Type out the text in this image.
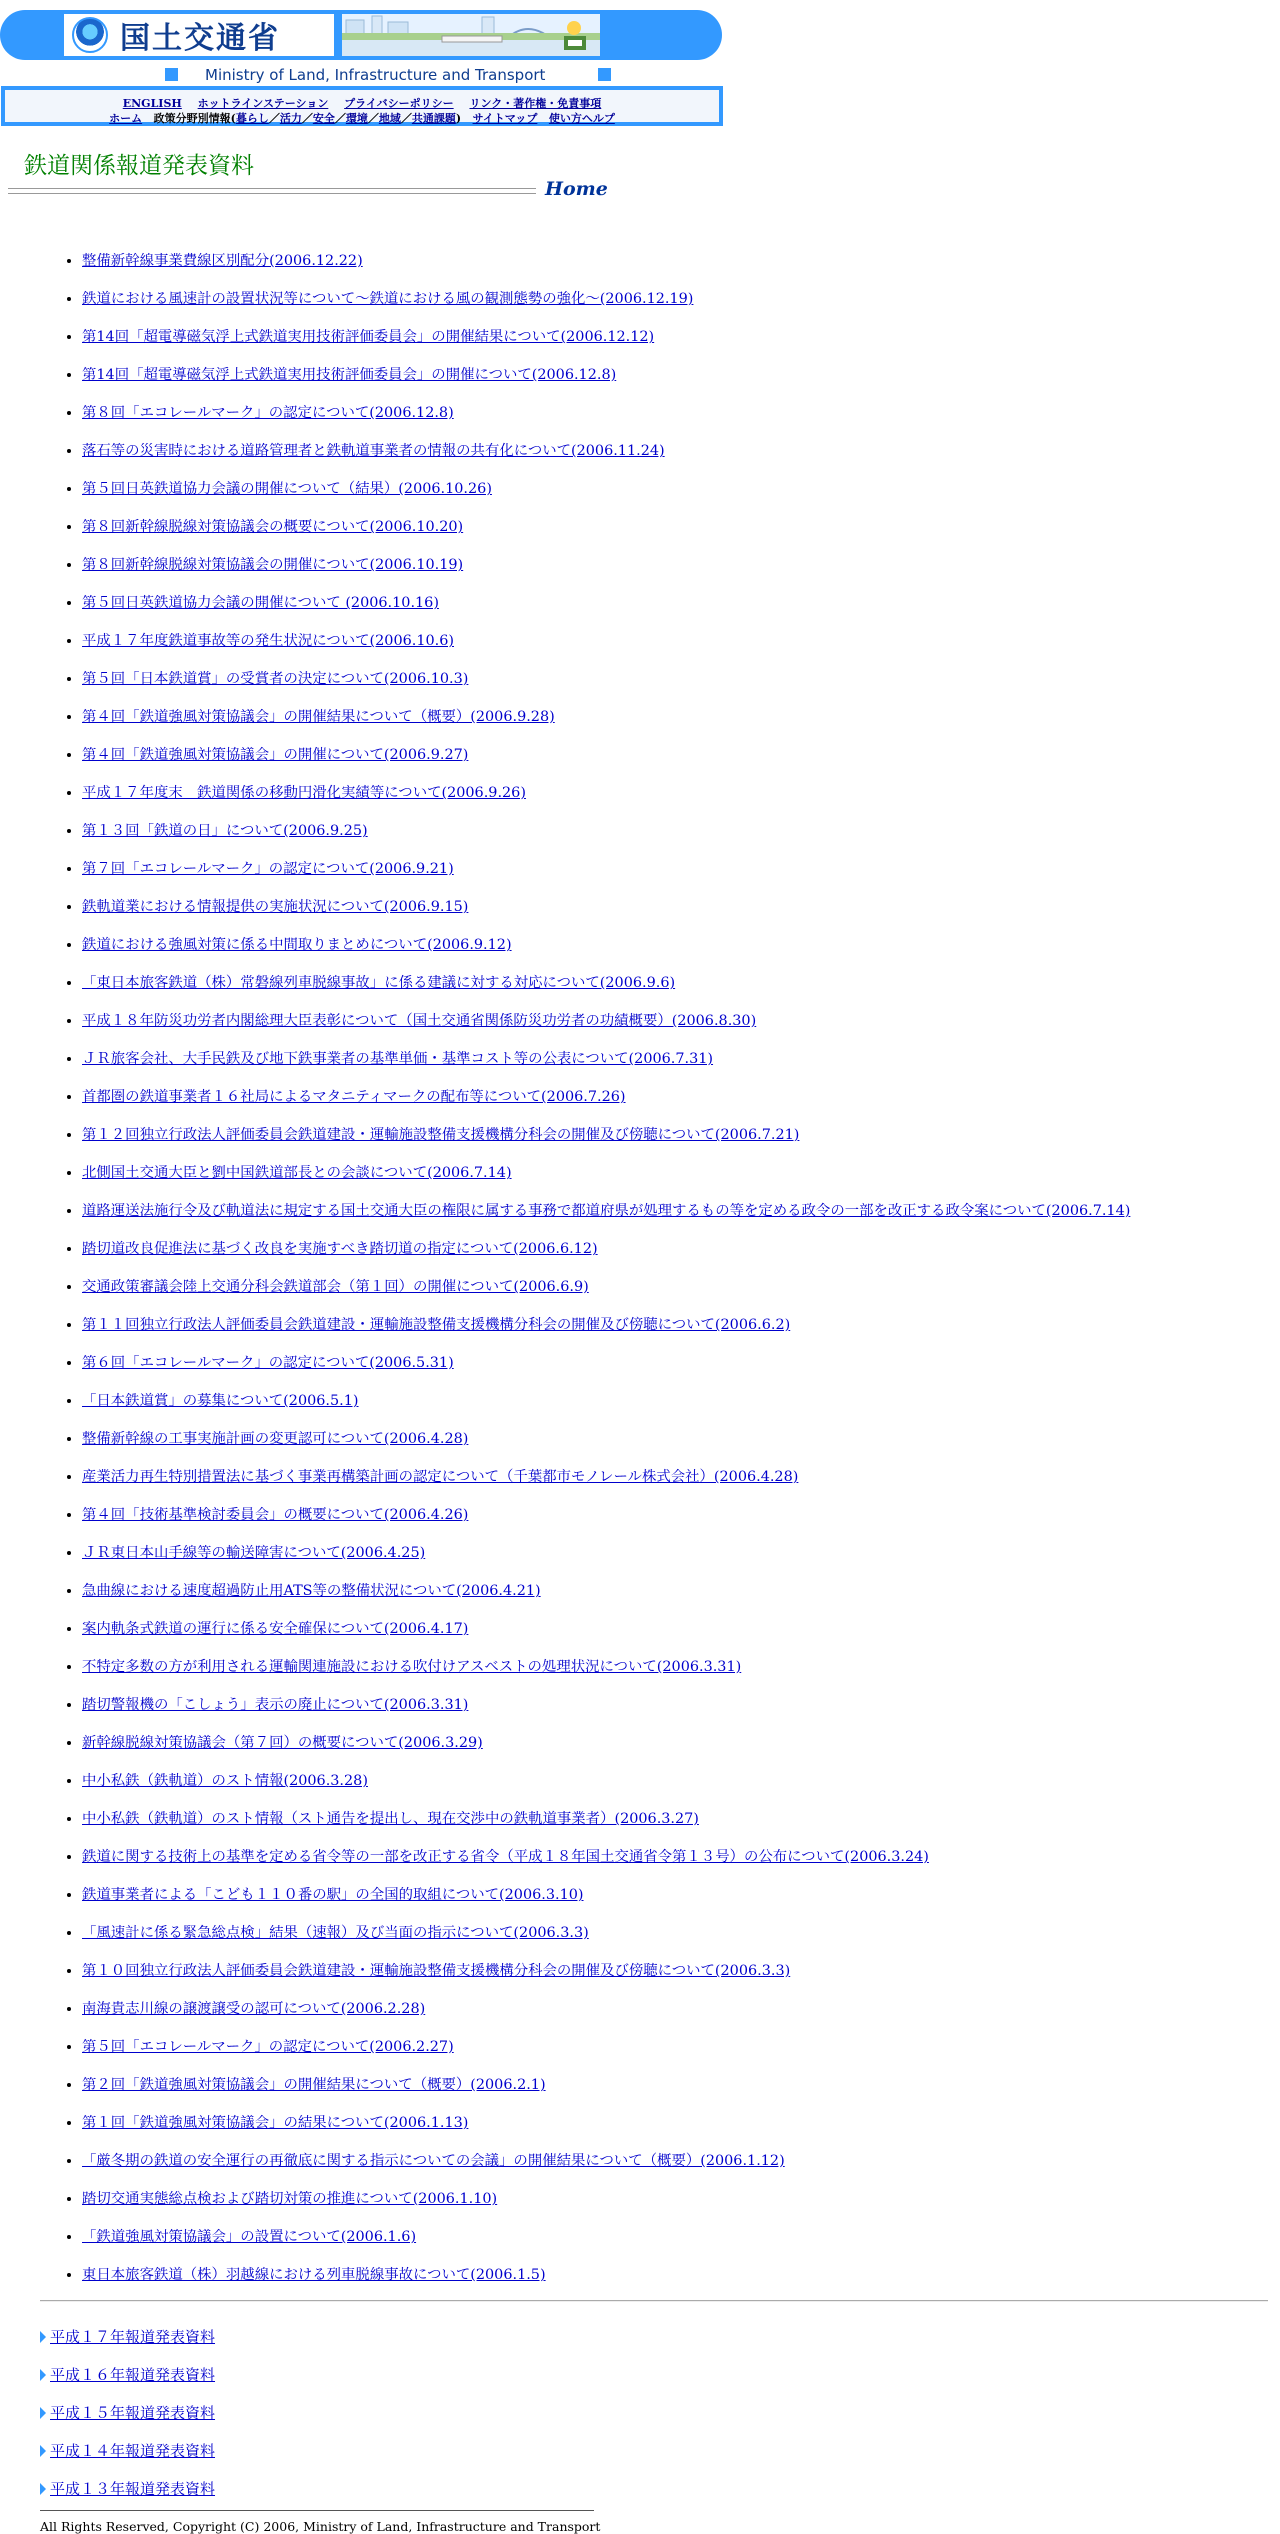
国土交通省
Ministry of Land, Infrastructure and Transport
ENGLISH ホットラインステーション プライバシーポリシー リンク・著作権・免責事項
ホーム 政策分野別情報(暮らし／活力／安全／環境／地域／共通課題) サイトマップ 使い方ヘルプ
鉄道関係報道発表資料
Home
• 整備新幹線事業費線区別配分(2006.12.22)
• 鉄道における風速計の設置状況等について～鉄道における風の観測態勢の強化～(2006.12.19)
• 第14回「超電導磁気浮上式鉄道実用技術評価委員会」の開催結果について(2006.12.12)
• 第14回「超電導磁気浮上式鉄道実用技術評価委員会」の開催について(2006.12.8)
• 第８回「エコレールマーク」の認定について(2006.12.8)
• 落石等の災害時における道路管理者と鉄軌道事業者の情報の共有化について(2006.11.24)
• 第５回日英鉄道協力会議の開催について（結果）(2006.10.26)
• 第８回新幹線脱線対策協議会の概要について(2006.10.20)
• 第８回新幹線脱線対策協議会の開催について(2006.10.19)
• 第５回日英鉄道協力会議の開催について (2006.10.16)
• 平成１７年度鉄道事故等の発生状況について(2006.10.6)
• 第５回「日本鉄道賞」の受賞者の決定について(2006.10.3)
• 第４回「鉄道強風対策協議会」の開催結果について（概要）(2006.9.28)
• 第４回「鉄道強風対策協議会」の開催について(2006.9.27)
• 平成１７年度末　鉄道関係の移動円滑化実績等について(2006.9.26)
• 第１３回「鉄道の日」について(2006.9.25)
• 第７回「エコレールマーク」の認定について(2006.9.21)
• 鉄軌道業における情報提供の実施状況について(2006.9.15)
• 鉄道における強風対策に係る中間取りまとめについて(2006.9.12)
• 「東日本旅客鉄道（株）常磐線列車脱線事故」に係る建議に対する対応について(2006.9.6)
• 平成１８年防災功労者内閣総理大臣表彰について（国土交通省関係防災功労者の功績概要）(2006.8.30)
• ＪＲ旅客会社、大手民鉄及び地下鉄事業者の基準単価・基準コスト等の公表について(2006.7.31)
• 首都圏の鉄道事業者１６社局によるマタニティマークの配布等について(2006.7.26)
• 第１２回独立行政法人評価委員会鉄道建設・運輸施設整備支援機構分科会の開催及び傍聴について(2006.7.21)
• 北側国土交通大臣と劉中国鉄道部長との会談について(2006.7.14)
• 道路運送法施行令及び軌道法に規定する国土交通大臣の権限に属する事務で都道府県が処理するもの等を定める政令の一部を改正する政令案について(2006.7.14)
• 踏切道改良促進法に基づく改良を実施すべき踏切道の指定について(2006.6.12)
• 交通政策審議会陸上交通分科会鉄道部会（第１回）の開催について(2006.6.9)
• 第１１回独立行政法人評価委員会鉄道建設・運輸施設整備支援機構分科会の開催及び傍聴について(2006.6.2)
• 第６回「エコレールマーク」の認定について(2006.5.31)
• 「日本鉄道賞」の募集について(2006.5.1)
• 整備新幹線の工事実施計画の変更認可について(2006.4.28)
• 産業活力再生特別措置法に基づく事業再構築計画の認定について（千葉都市モノレール株式会社）(2006.4.28)
• 第４回「技術基準検討委員会」の概要について(2006.4.26)
• ＪＲ東日本山手線等の輸送障害について(2006.4.25)
• 急曲線における速度超過防止用ATS等の整備状況について(2006.4.21)
• 案内軌条式鉄道の運行に係る安全確保について(2006.4.17)
• 不特定多数の方が利用される運輸関連施設における吹付けアスベストの処理状況について(2006.3.31)
• 踏切警報機の「こしょう」表示の廃止について(2006.3.31)
• 新幹線脱線対策協議会（第７回）の概要について(2006.3.29)
• 中小私鉄（鉄軌道）のスト情報(2006.3.28)
• 中小私鉄（鉄軌道）のスト情報（スト通告を提出し、現在交渉中の鉄軌道事業者）(2006.3.27)
• 鉄道に関する技術上の基準を定める省令等の一部を改正する省令（平成１８年国土交通省令第１３号）の公布について(2006.3.24)
• 鉄道事業者による「こども１１０番の駅」の全国的取組について(2006.3.10)
• 「風速計に係る緊急総点検」結果（速報）及び当面の指示について(2006.3.3)
• 第１０回独立行政法人評価委員会鉄道建設・運輸施設整備支援機構分科会の開催及び傍聴について(2006.3.3)
• 南海貴志川線の譲渡譲受の認可について(2006.2.28)
• 第５回「エコレールマーク」の認定について(2006.2.27)
• 第２回「鉄道強風対策協議会」の開催結果について（概要）(2006.2.1)
• 第１回「鉄道強風対策協議会」の結果について(2006.1.13)
• 「厳冬期の鉄道の安全運行の再徹底に関する指示についての会議」の開催結果について（概要）(2006.1.12)
• 踏切交通実態総点検および踏切対策の推進について(2006.1.10)
• 「鉄道強風対策協議会」の設置について(2006.1.6)
• 東日本旅客鉄道（株）羽越線における列車脱線事故について(2006.1.5)
平成１７年報道発表資料
平成１６年報道発表資料
平成１５年報道発表資料
平成１４年報道発表資料
平成１３年報道発表資料
All Rights Reserved, Copyright (C) 2006, Ministry of Land, Infrastructure and Transport
